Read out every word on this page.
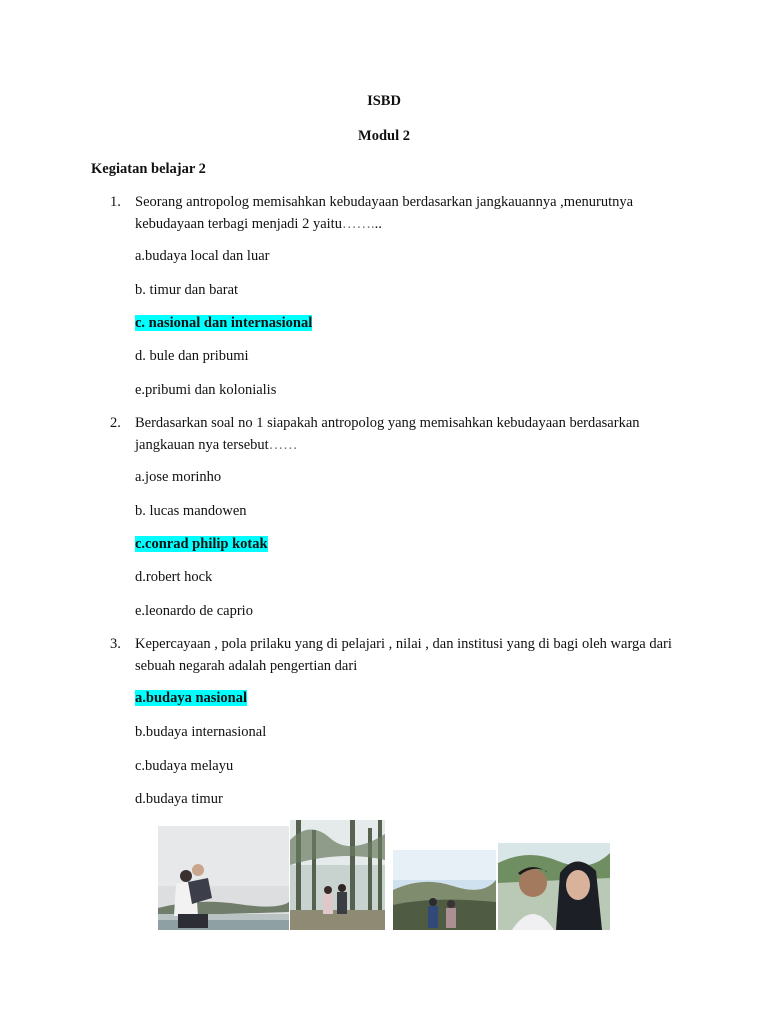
ISBD
Modul 2
Kegiatan belajar 2
1. Seorang antropolog memisahkan kebudayaan berdasarkan jangkauannya ,menurutnya kebudayaan terbagi menjadi 2 yaitu……...
a.budaya local dan luar
b. timur dan barat
c. nasional dan internasional
d. bule dan pribumi
e.pribumi dan kolonialis
2. Berdasarkan soal no 1 siapakah antropolog yang memisahkan kebudayaan berdasarkan jangkauan nya tersebut……
a.jose morinho
b. lucas mandowen
c.conrad philip kotak
d.robert hock
e.leonardo de caprio
3. Kepercayaan , pola prilaku yang di pelajari , nilai , dan institusi yang di bagi oleh warga dari sebuah negarah adalah pengertian dari
a.budaya nasional
b.budaya internasional
c.budaya melayu
d.budaya timur
